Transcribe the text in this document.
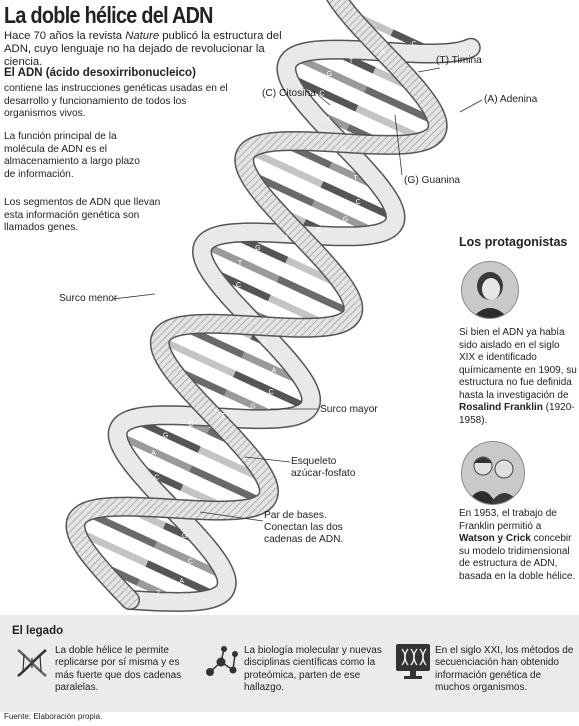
La doble hélice del ADN
Hace 70 años la revista Nature publicó la estructura del ADN, cuyo lenguaje no ha dejado de revolucionar la ciencia.
El ADN (ácido desoxirribonucleico)
contiene las instrucciones genéticas usadas en el desarrollo y funcionamiento de todos los organismos vivos.
La función principal de la molécula de ADN es el almacenamiento a largo plazo de información.
Los segmentos de ADN que llevan esta información genética son llamados genes.
T
A
C
G
T
C
A
G
C
T
G
C
A
C
T
C
T
G
A
C
G
C
T
G
A
C
G
T
A
C
(T) Timina
(C) Citosina
(A) Adenina
(G) Guanina
Surco menor
Surco mayor
Esqueleto
azúcar-fosfato
Par de bases.
Conectan las dos
cadenas de ADN.
Los protagonistas
Si bien el ADN ya había sido aislado en el siglo XIX e identificado químicamente en 1909, su estructura no fue definida hasta la investigación de Rosalind Franklin (1920-1958).
En 1953, el trabajo de Franklin permitió a Watson y Crick concebir su modelo tridimensional de estructura de ADN, basada en la doble hélice.
El legado
La doble hélice le permite replicarse por sí misma y es más fuerte que dos cadenas paralelas.
La biología molecular y nuevas disciplinas científicas como la proteómica, parten de ese hallazgo.
En el siglo XXI, los métodos de secuenciación han obtenido información genética de muchos organismos.
Fuente: Elaboración propia.
